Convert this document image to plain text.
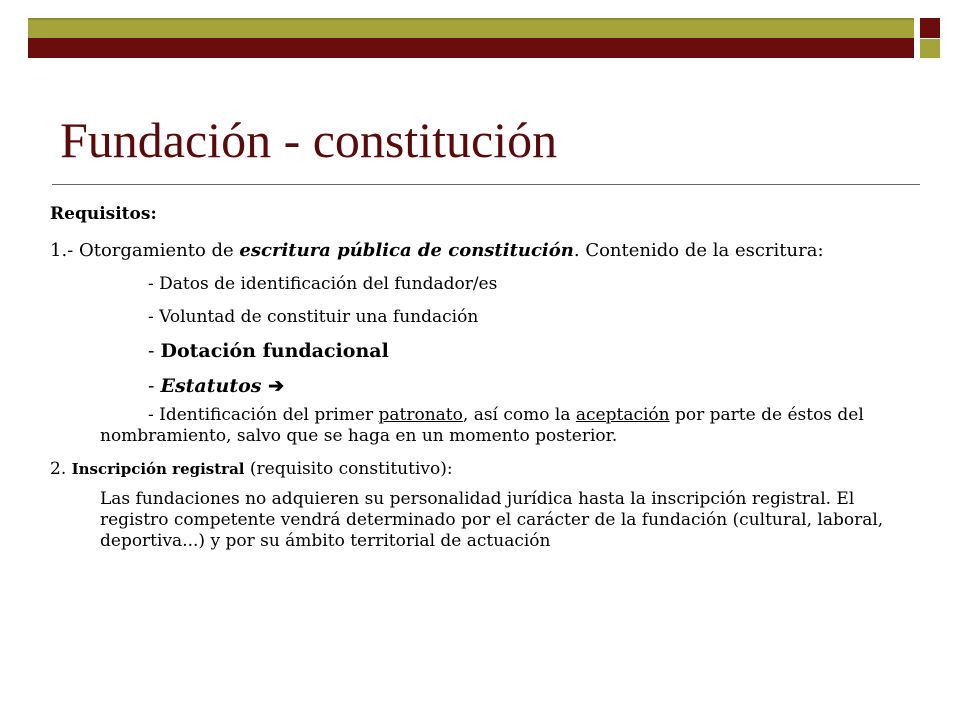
Fundación - constitución

Requisitos:

1.- Otorgamiento de escritura pública de constitución. Contenido de la escritura:

- Datos de identificación del fundador/es

- Voluntad de constituir una fundación

- Dotación fundacional

- Estatutos ➔

- Identificación del primer patronato, así como la aceptación por parte de éstos del nombramiento, salvo que se haga en un momento posterior.

2. Inscripción registral (requisito constitutivo):

Las fundaciones no adquieren su personalidad jurídica hasta la inscripción registral. El registro competente vendrá determinado por el carácter de la fundación (cultural, laboral, deportiva...) y por su ámbito territorial de actuación
